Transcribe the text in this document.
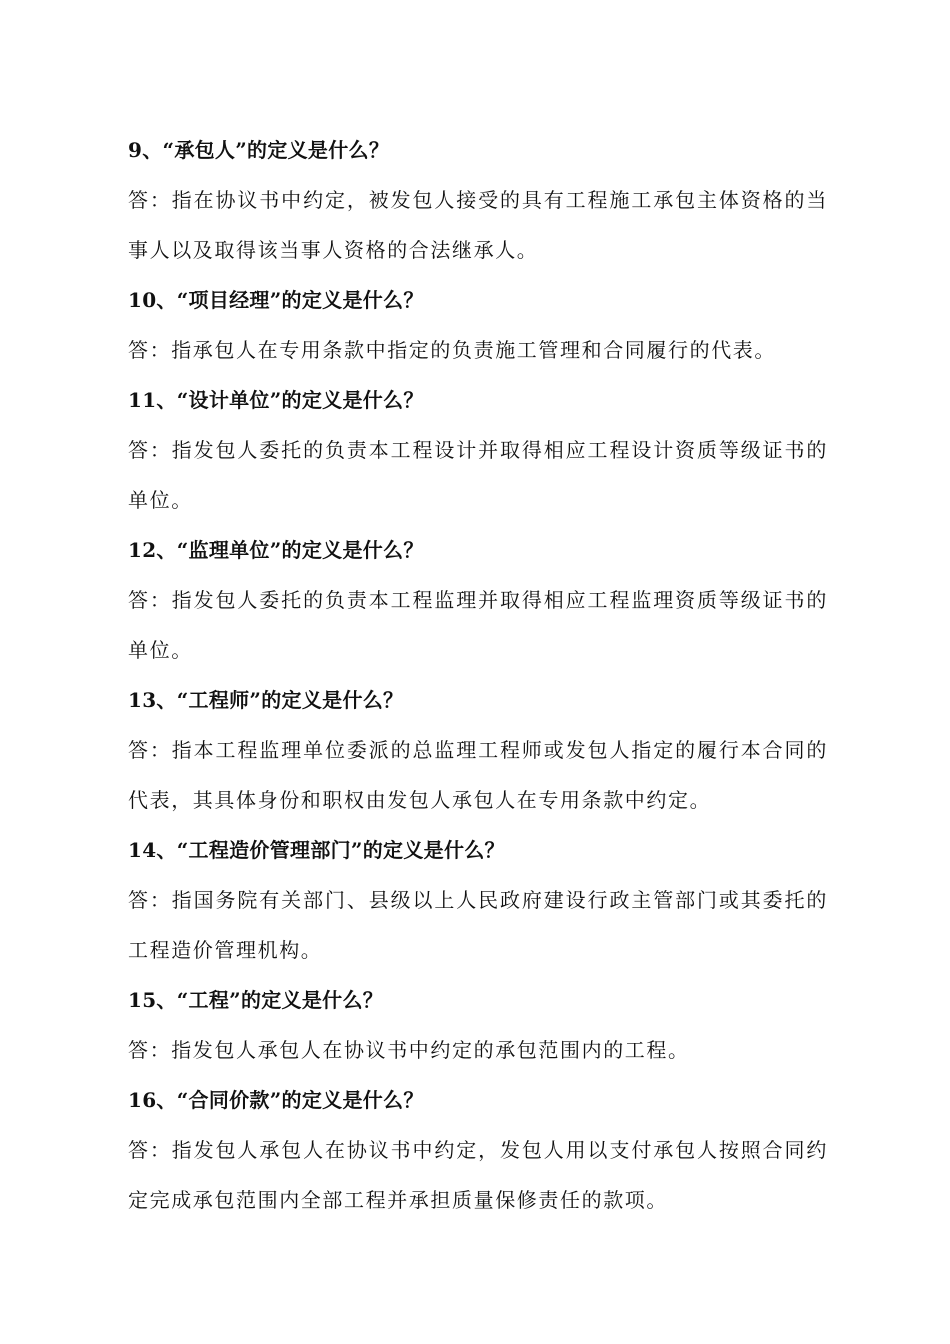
9、“承包人”的定义是什么？

答：指在协议书中约定，被发包人接受的具有工程施工承包主体资格的当事人以及取得该当事人资格的合法继承人。

10、“项目经理”的定义是什么？

答：指承包人在专用条款中指定的负责施工管理和合同履行的代表。

11、“设计单位”的定义是什么？

答：指发包人委托的负责本工程设计并取得相应工程设计资质等级证书的单位。

12、“监理单位”的定义是什么？

答：指发包人委托的负责本工程监理并取得相应工程监理资质等级证书的单位。

13、“工程师”的定义是什么？

答：指本工程监理单位委派的总监理工程师或发包人指定的履行本合同的代表，其具体身份和职权由发包人承包人在专用条款中约定。

14、“工程造价管理部门”的定义是什么？

答：指国务院有关部门、县级以上人民政府建设行政主管部门或其委托的工程造价管理机构。

15、“工程”的定义是什么？

答：指发包人承包人在协议书中约定的承包范围内的工程。

16、“合同价款”的定义是什么？

答：指发包人承包人在协议书中约定，发包人用以支付承包人按照合同约定完成承包范围内全部工程并承担质量保修责任的款项。
